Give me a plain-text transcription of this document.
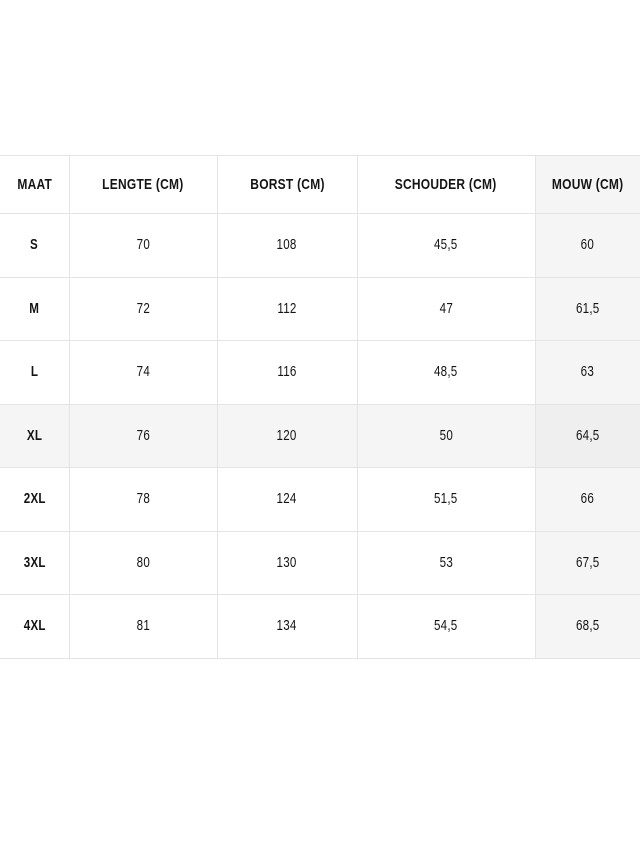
MAAT	LENGTE (CM)	BORST (CM)	SCHOUDER (CM)	MOUW (CM)
S	70	108	45,5	60
M	72	112	47	61,5
L	74	116	48,5	63
XL	76	120	50	64,5
2XL	78	124	51,5	66
3XL	80	130	53	67,5
4XL	81	134	54,5	68,5
